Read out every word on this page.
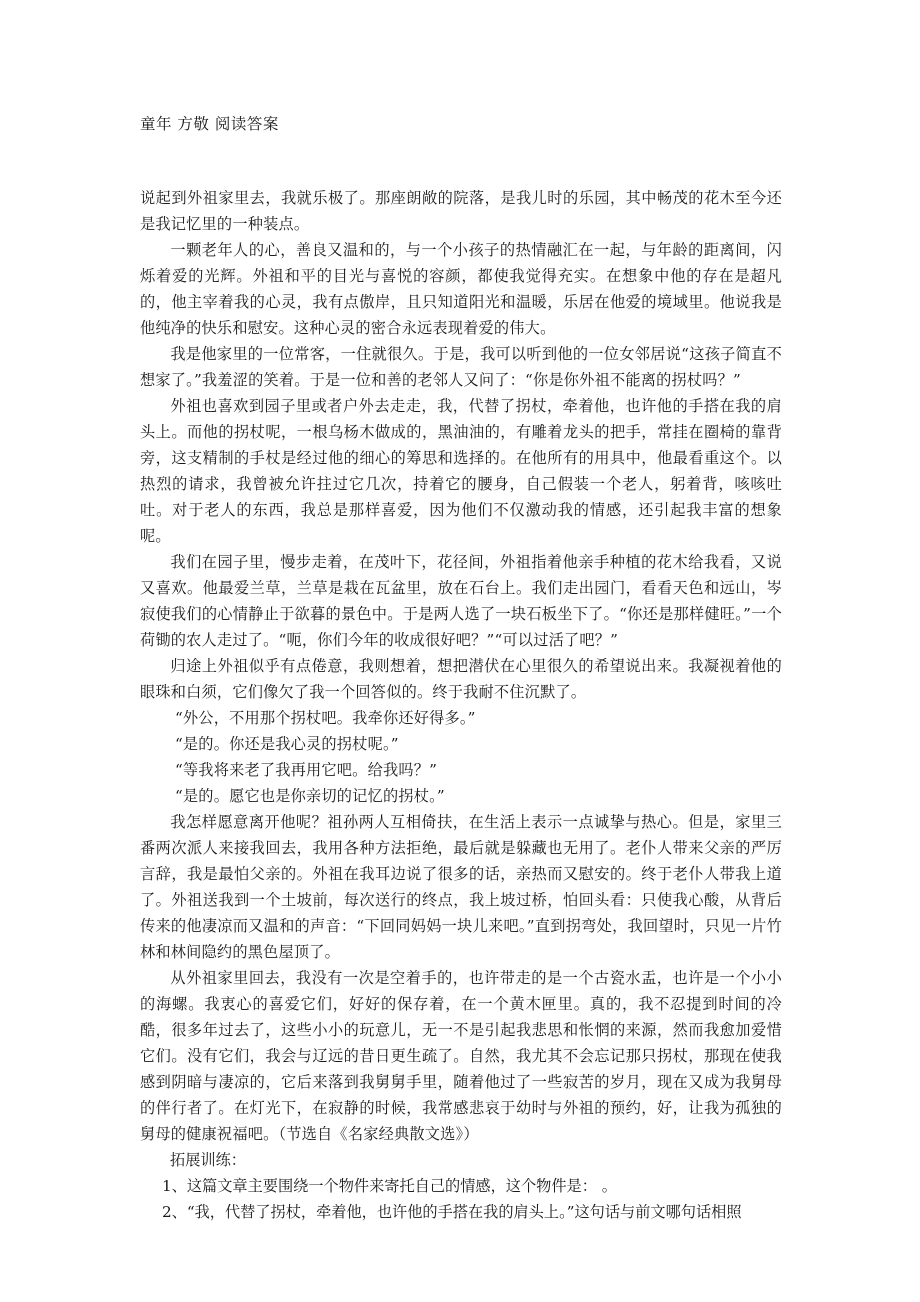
童年 方敬 阅读答案

说起到外祖家里去，我就乐极了。那座朗敞的院落，是我儿时的乐园，其中畅茂的花木至今还是我记忆里的一种装点。

一颗老年人的心，善良又温和的，与一个小孩子的热情融汇在一起，与年龄的距离间，闪烁着爱的光辉。外祖和平的目光与喜悦的容颜，都使我觉得充实。在想象中他的存在是超凡的，他主宰着我的心灵，我有点傲岸，且只知道阳光和温暖，乐居在他爱的境域里。他说我是他纯净的快乐和慰安。这种心灵的密合永远表现着爱的伟大。

我是他家里的一位常客，一住就很久。于是，我可以听到他的一位女邻居说“这孩子简直不想家了。”我羞涩的笑着。于是一位和善的老邻人又问了：“你是你外祖不能离的拐杖吗？”

外祖也喜欢到园子里或者户外去走走，我，代替了拐杖，牵着他，也许他的手搭在我的肩头上。而他的拐杖呢，一根乌杨木做成的，黑油油的，有雕着龙头的把手，常挂在圈椅的靠背旁，这支精制的手杖是经过他的细心的筹思和选择的。在他所有的用具中，他最看重这个。以热烈的请求，我曾被允许拄过它几次，持着它的腰身，自己假装一个老人，躬着背，咳咳吐吐。对于老人的东西，我总是那样喜爱，因为他们不仅激动我的情感，还引起我丰富的想象呢。

我们在园子里，慢步走着，在茂叶下，花径间，外祖指着他亲手种植的花木给我看，又说又喜欢。他最爱兰草，兰草是栽在瓦盆里，放在石台上。我们走出园门，看看天色和远山，岑寂使我们的心情静止于欲暮的景色中。于是两人选了一块石板坐下了。“你还是那样健旺。”一个荷锄的农人走过了。“呃，你们今年的收成很好吧？”“可以过活了吧？”

归途上外祖似乎有点倦意，我则想着，想把潜伏在心里很久的希望说出来。我凝视着他的眼珠和白须，它们像欠了我一个回答似的。终于我耐不住沉默了。

“外公，不用那个拐杖吧。我牵你还好得多。”

“是的。你还是我心灵的拐杖呢。”

“等我将来老了我再用它吧。给我吗？”

“是的。愿它也是你亲切的记忆的拐杖。”

我怎样愿意离开他呢？祖孙两人互相倚扶，在生活上表示一点诚挚与热心。但是，家里三番两次派人来接我回去，我用各种方法拒绝，最后就是躲藏也无用了。老仆人带来父亲的严厉言辞，我是最怕父亲的。外祖在我耳边说了很多的话，亲热而又慰安的。终于老仆人带我上道了。外祖送我到一个土坡前，每次送行的终点，我上坡过桥，怕回头看：只使我心酸，从背后传来的他凄凉而又温和的声音：“下回同妈妈一块儿来吧。”直到拐弯处，我回望时，只见一片竹林和林间隐约的黑色屋顶了。

从外祖家里回去，我没有一次是空着手的，也许带走的是一个古瓷水盂，也许是一个小小的海螺。我衷心的喜爱它们，好好的保存着，在一个黄木匣里。真的，我不忍提到时间的冷酷，很多年过去了，这些小小的玩意儿，无一不是引起我悲思和怅惘的来源，然而我愈加爱惜它们。没有它们，我会与辽远的昔日更生疏了。自然，我尤其不会忘记那只拐杖，那现在使我感到阴暗与凄凉的，它后来落到我舅舅手里，随着他过了一些寂苦的岁月，现在又成为我舅母的伴行者了。在灯光下，在寂静的时候，我常感悲哀于幼时与外祖的预约，好，让我为孤独的舅母的健康祝福吧。（节选自《名家经典散文选》）

拓展训练：

1、这篇文章主要围绕一个物件来寄托自己的情感，这个物件是： 。

2、“我，代替了拐杖，牵着他，也许他的手搭在我的肩头上。”这句话与前文哪句话相照
